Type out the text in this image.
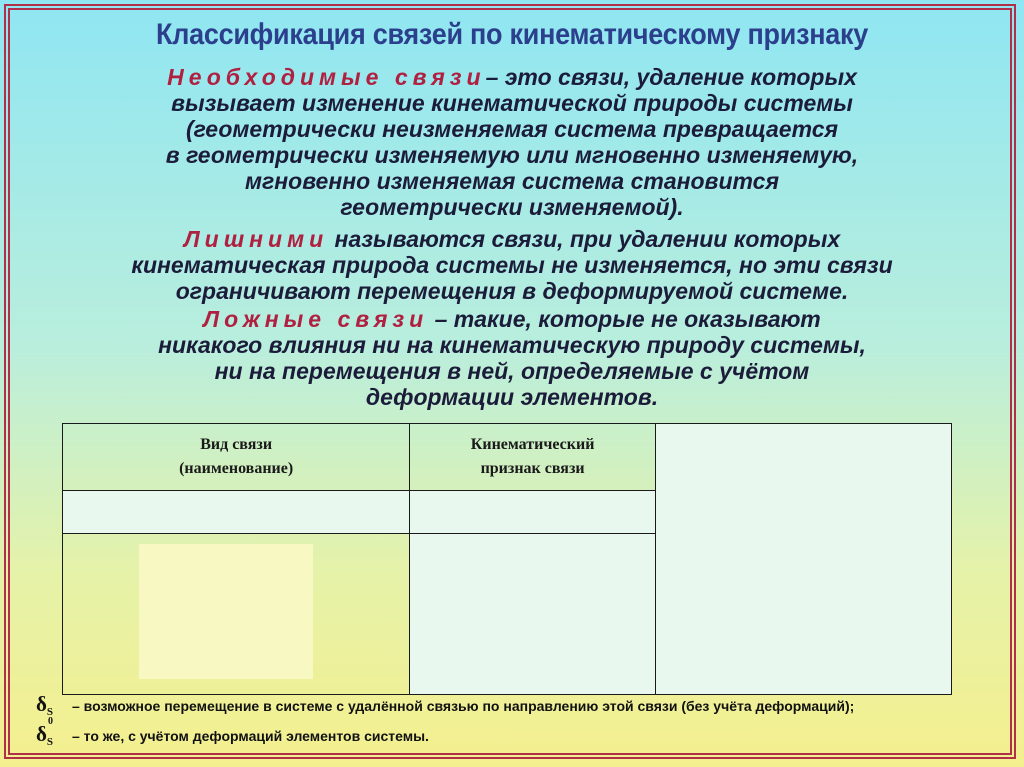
Классификация связей по кинематическому признаку
Необходимые связи– это связи, удаление которых
вызывает изменение кинематической природы системы
(геометрически неизменяемая система превращается
в геометрически изменяемую или мгновенно изменяемую,
мгновенно изменяемая система становится
геометрически изменяемой).
Лишними называются связи, при удалении которых
кинематическая природа системы не изменяется, но эти связи
ограничивают перемещения в деформируемой системе.
Ложные связи – такие, которые не оказывают
никакого влияния ни на кинематическую природу системы,
ни на перемещения в ней, определяемые с учётом
деформации элементов.
Вид связи
(наименование)	Кинематический
признак связи	

δS – возможное перемещение в системе с удалённой связью по направлению этой связи (без учёта деформаций);
δS
0
– то же, с учётом деформаций элементов системы.
